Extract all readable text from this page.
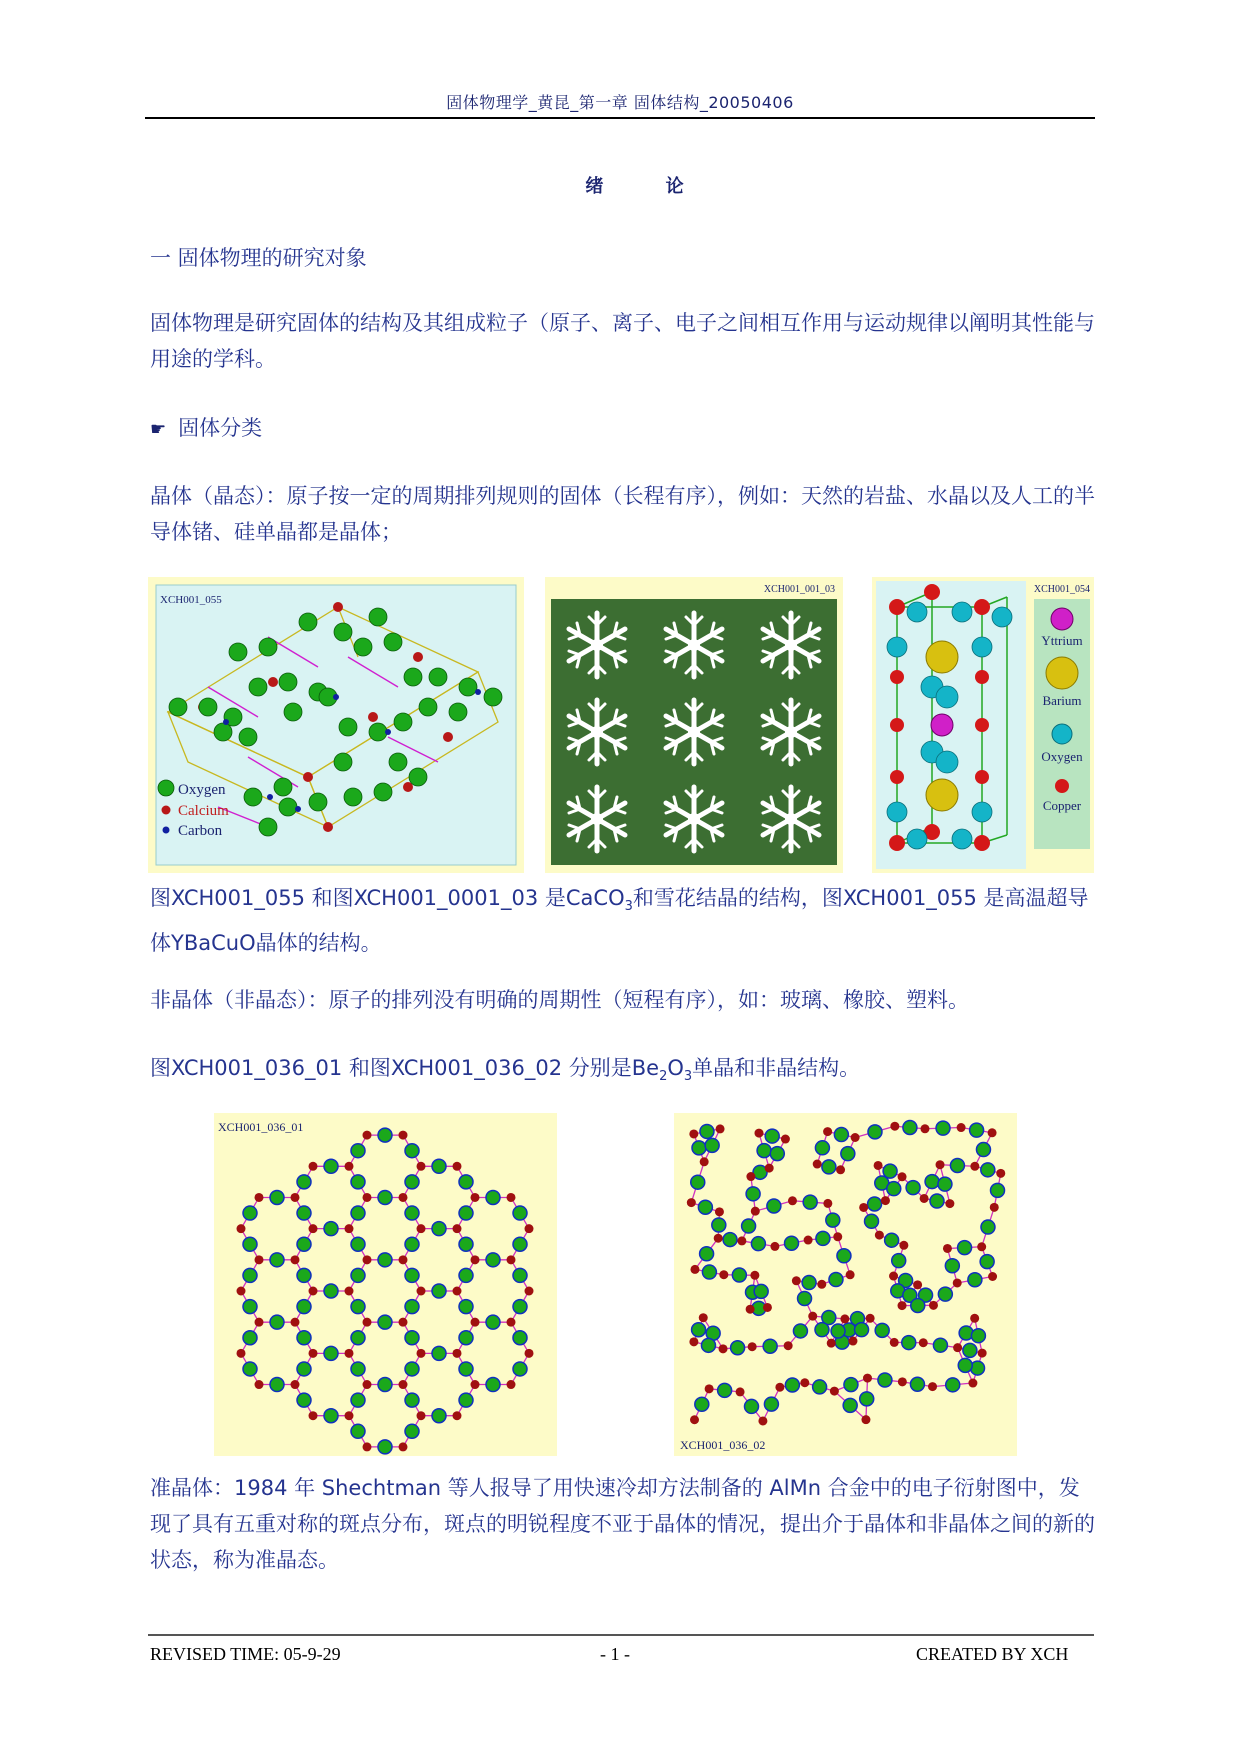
固体物理学_黄昆_第一章 固体结构_20050406
绪 论
一 固体物理的研究对象
固体物理是研究固体的结构及其组成粒子（原子、离子、电子之间相互作用与运动规律以阐明其性能与用途的学科。
☛ 固体分类
晶体（晶态）：原子按一定的周期排列规则的固体（长程有序），例如：天然的岩盐、水晶以及人工的半导体锗、硅单晶都是晶体；
XCH001_055
Oxygen
Calcium
Carbon
XCH001_001_03	XCH001_054
Yttrium
Barium
Oxygen
Copper
图XCH001_055 和图XCH001_0001_03 是CaCO$_3$和雪花结晶的结构，图XCH001_055 是高温超导体YBaCuO晶体的结构。
非晶体（非晶态）：原子的排列没有明确的周期性（短程有序），如：玻璃、橡胶、塑料。
图XCH001_036_01 和图XCH001_036_02 分别是$Be_2O_3$单晶和非晶结构。
XCH001_036_01
XCH001_036_02
准晶体：1984 年 Shechtman 等人报导了用快速冷却方法制备的 AlMn 合金中的电子衍射图中，发现了具有五重对称的斑点分布，斑点的明锐程度不亚于晶体的情况，提出介于晶体和非晶体之间的新的状态，称为准晶态。
REVISED TIME: 05-9-29	- 1 -	CREATED BY XCH
